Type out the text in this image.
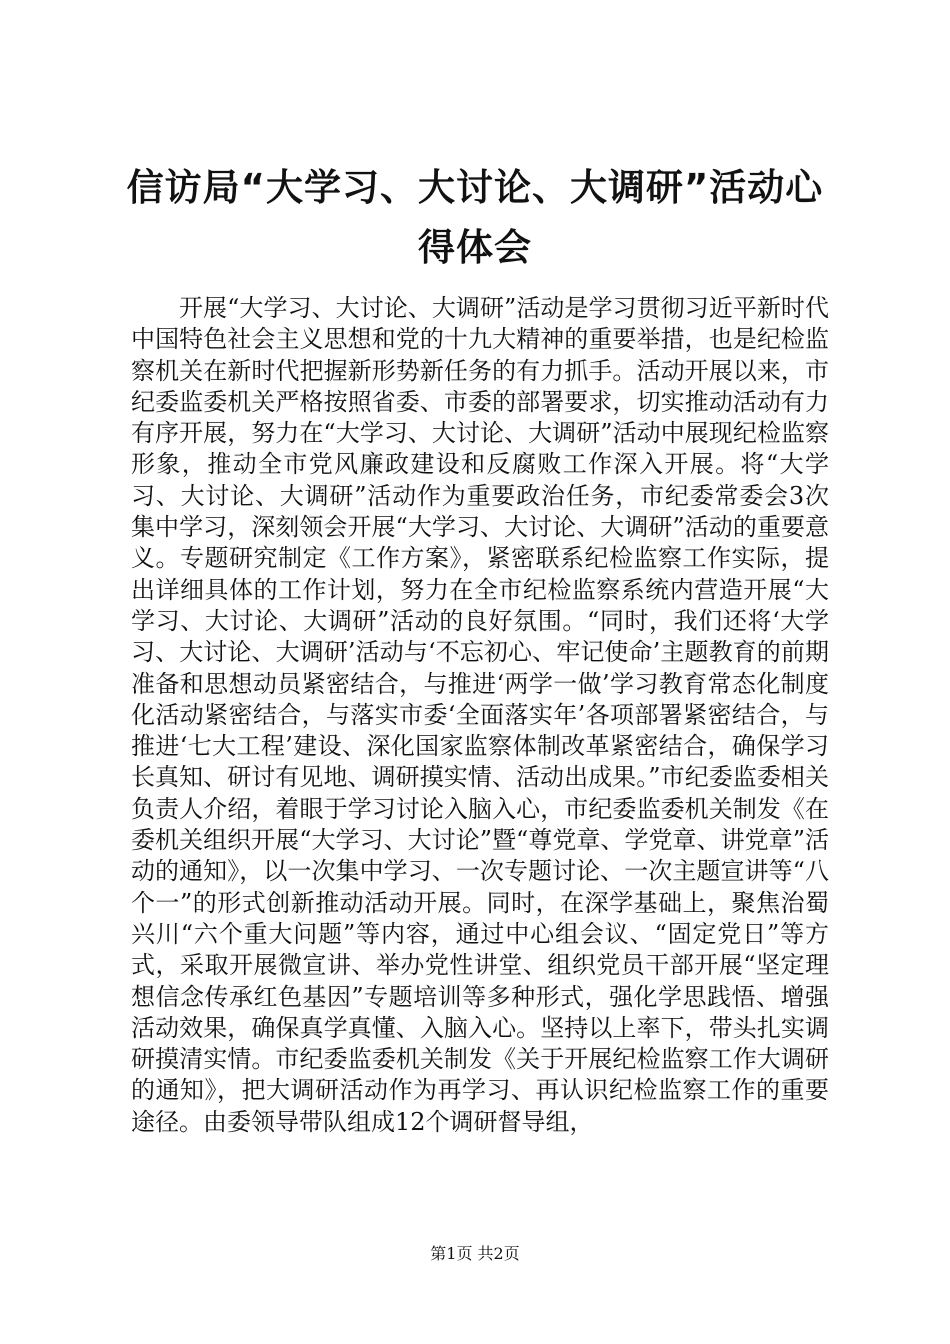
信访局“大学习、大讨论、大调研”活动心得体会

开展“大学习、大讨论、大调研”活动是学习贯彻习近平新时代中国特色社会主义思想和党的十九大精神的重要举措，也是纪检监察机关在新时代把握新形势新任务的有力抓手。活动开展以来，市纪委监委机关严格按照省委、市委的部署要求，切实推动活动有力有序开展，努力在“大学习、大讨论、大调研”活动中展现纪检监察形象，推动全市党风廉政建设和反腐败工作深入开展。将“大学习、大讨论、大调研”活动作为重要政治任务，市纪委常委会3次集中学习，深刻领会开展“大学习、大讨论、大调研”活动的重要意义。专题研究制定《工作方案》，紧密联系纪检监察工作实际，提出详细具体的工作计划，努力在全市纪检监察系统内营造开展“大学习、大讨论、大调研”活动的良好氛围。“同时，我们还将‘大学习、大讨论、大调研’活动与‘不忘初心、牢记使命’主题教育的前期准备和思想动员紧密结合，与推进‘两学一做’学习教育常态化制度化活动紧密结合，与落实市委‘全面落实年’各项部署紧密结合，与推进‘七大工程’建设、深化国家监察体制改革紧密结合，确保学习长真知、研讨有见地、调研摸实情、活动出成果。”市纪委监委相关负责人介绍，着眼于学习讨论入脑入心，市纪委监委机关制发《在委机关组织开展“大学习、大讨论”暨“尊党章、学党章、讲党章”活动的通知》，以一次集中学习、一次专题讨论、一次主题宣讲等“八个一”的形式创新推动活动开展。同时，在深学基础上，聚焦治蜀兴川“六个重大问题”等内容，通过中心组会议、“固定党日”等方式，采取开展微宣讲、举办党性讲堂、组织党员干部开展“坚定理想信念传承红色基因”专题培训等多种形式，强化学思践悟、增强活动效果，确保真学真懂、入脑入心。坚持以上率下，带头扎实调研摸清实情。市纪委监委机关制发《关于开展纪检监察工作大调研的通知》，把大调研活动作为再学习、再认识纪检监察工作的重要途径。由委领导带队组成12个调研督导组，

第1页 共2页
